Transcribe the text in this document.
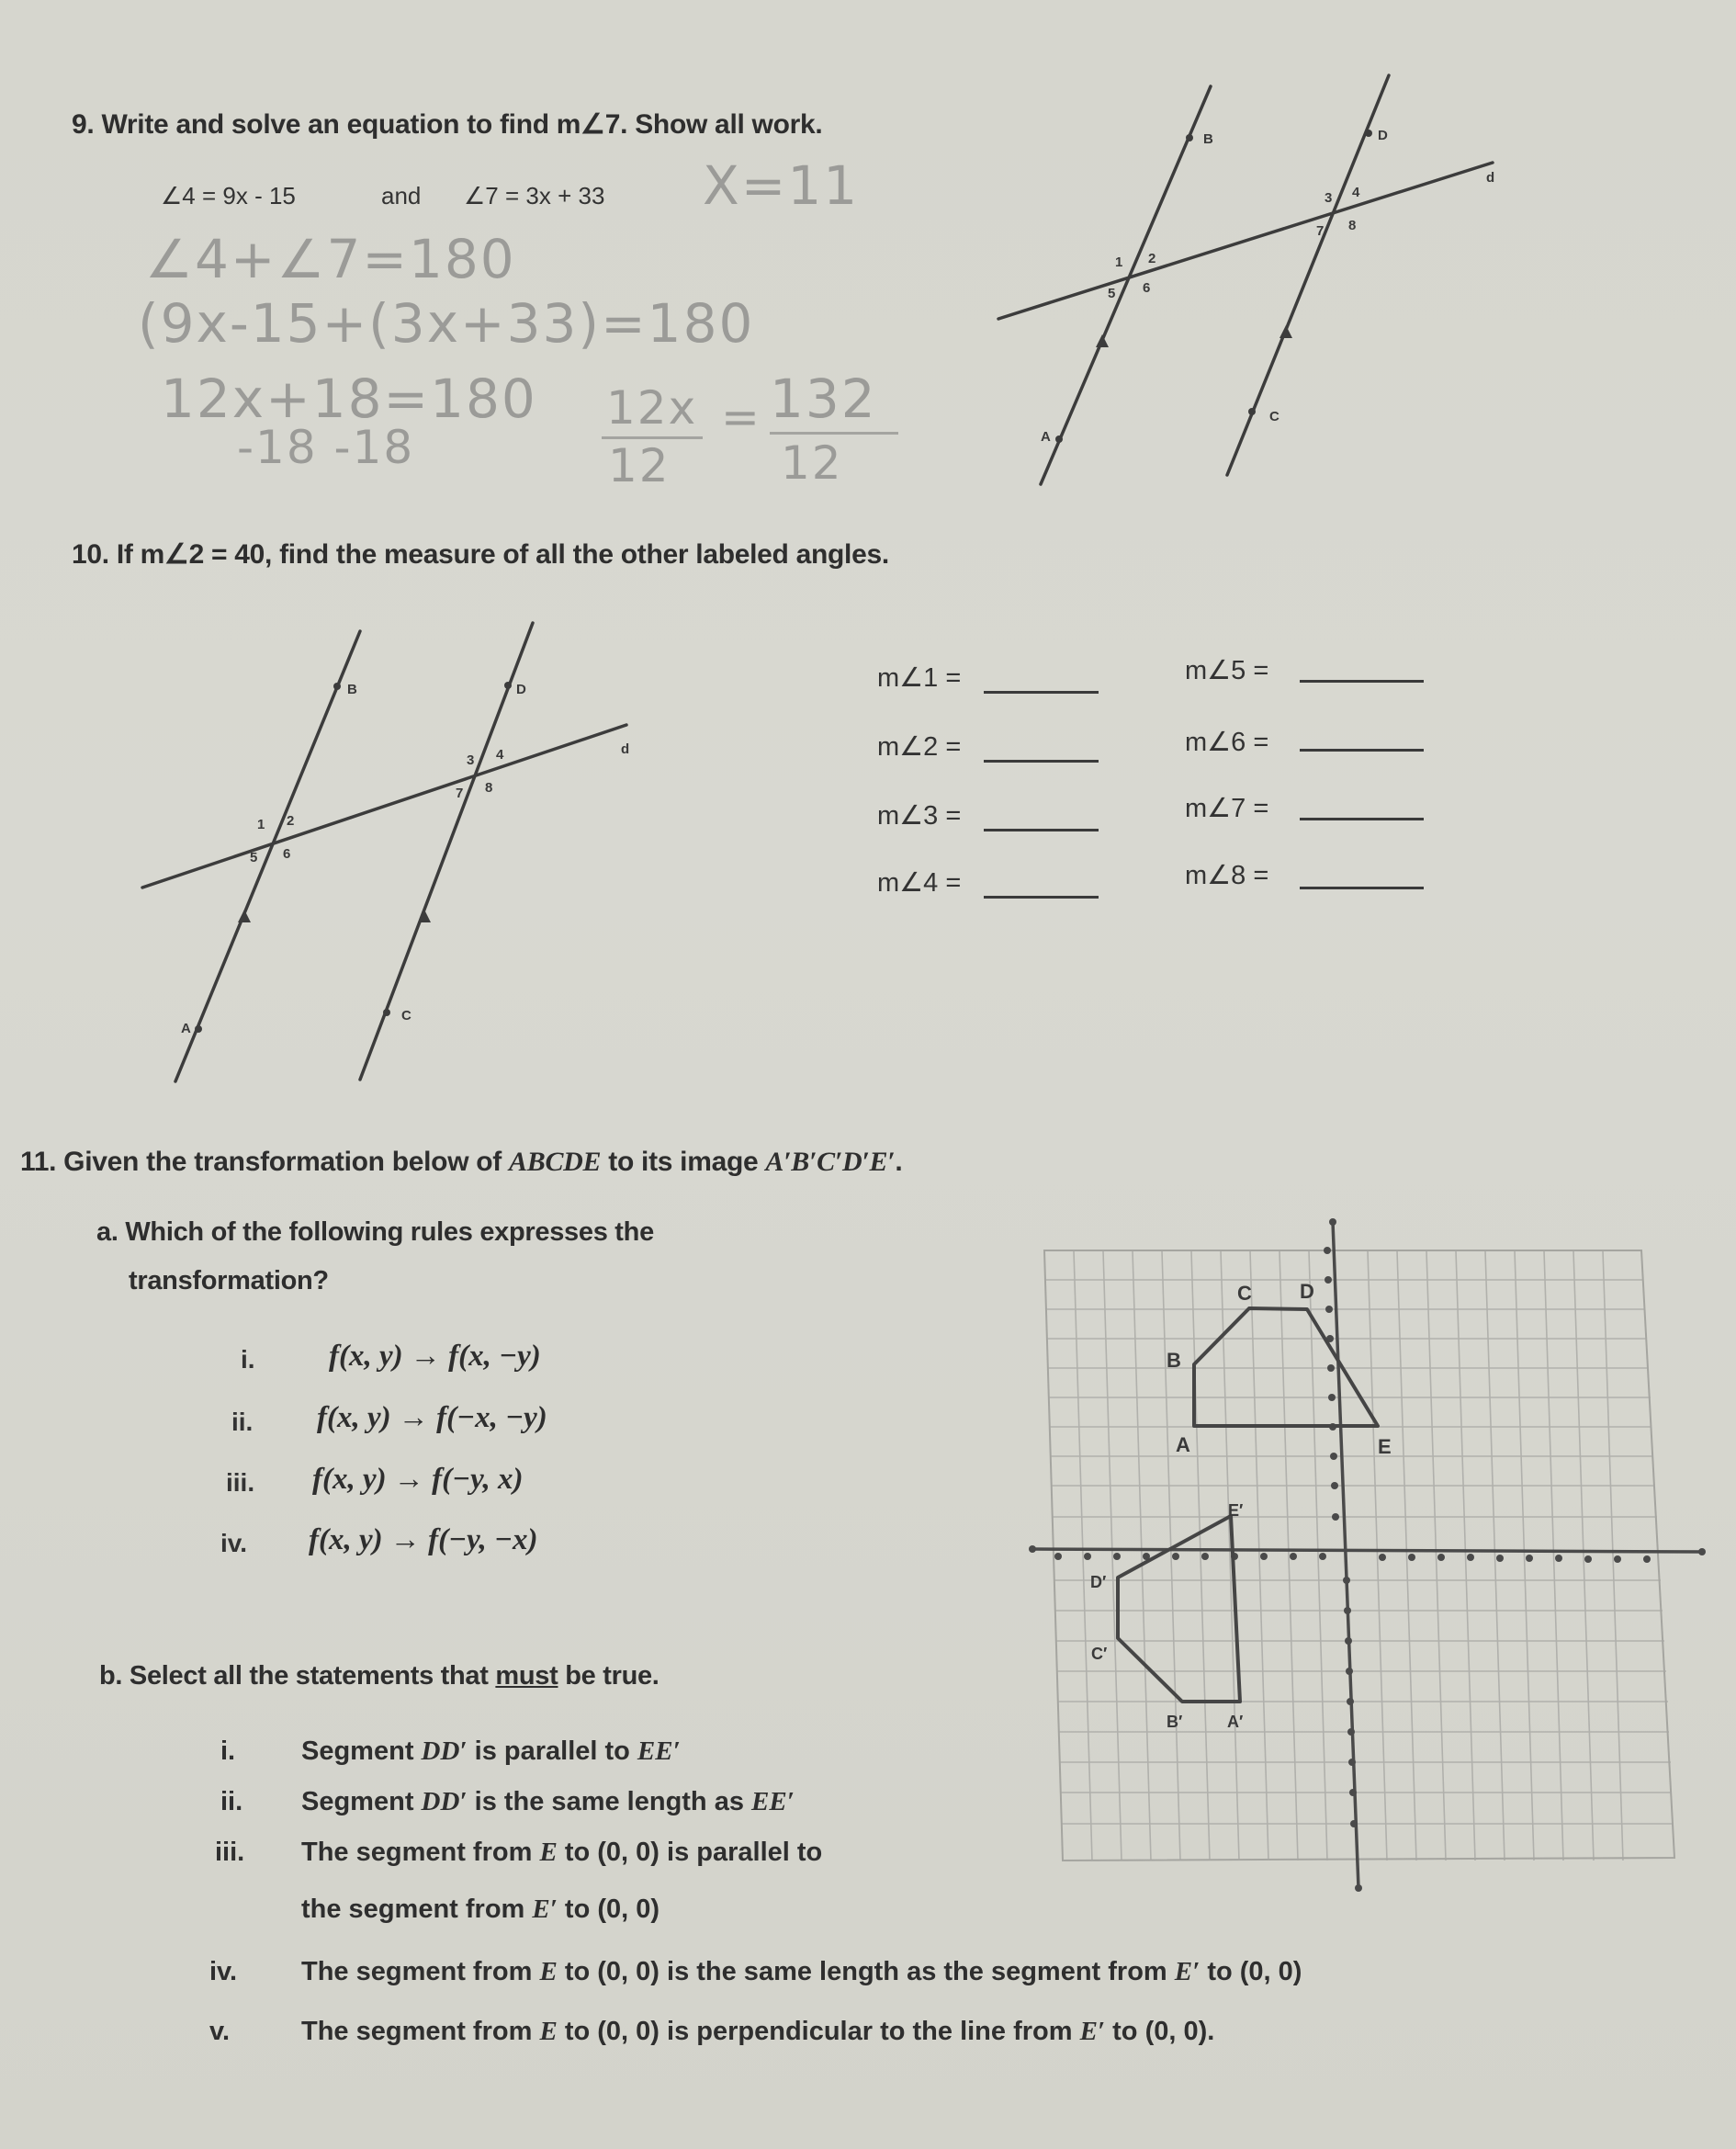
9. Write and solve an equation to find m∠7. Show all work.
∠4 = 9x - 15	and ∠7 = 3x + 33 X=11
∠4+∠7=180
(9x-15+(3x+33)=180
12x+18=180
-18 -18
12x
12
= 132
12
B	D
A
C
d
1 2
5 6
3 4
7 8
10. If m∠2 = 40, find the measure of all the other labeled angles.
B	D
A
C
d
1 2
5 6
3 4
7 8
m∠1 =
m∠2 =
m∠3 =
m∠4 =
m∠5 =
m∠6 =
m∠7 =
m∠8 =
11. Given the transformation below of ABCDE to its image A′B′C′D′E′.
a. Which of the following rules expresses the
transformation?
i. f(x, y) → f(x, −y)
ii. f(x, y) → f(−x, −y)
iii. f(x, y) → f(−y, x)
iv. f(x, y) → f(−y, −x)
C D
B
A	E
E′
D′
C′
B′	A′
b. Select all the statements that must be true.
i. Segment DD′ is parallel to EE′
ii. Segment DD′ is the same length as EE′
iii. The segment from E to (0, 0) is parallel to
the segment from E′ to (0, 0)
iv. The segment from E to (0, 0) is the same length as the segment from E′ to (0, 0)
v.	The segment from E to (0, 0) is perpendicular to the line from E′ to (0, 0).
